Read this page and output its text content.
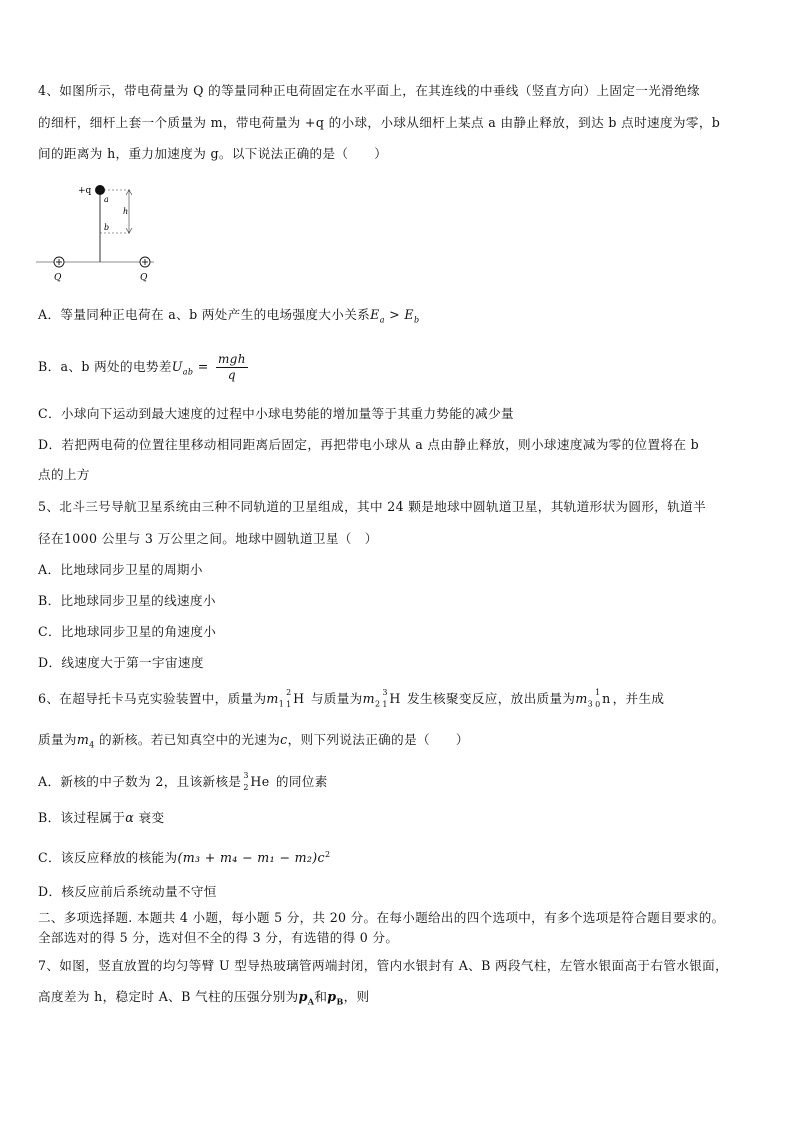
4、如图所示，带电荷量为 Q 的等量同种正电荷固定在水平面上，在其连线的中垂线（竖直方向）上固定一光滑绝缘
的细杆，细杆上套一个质量为 m，带电荷量为 +q 的小球，小球从细杆上某点 a 由静止释放，到达 b 点时速度为零，b
间的距离为 h，重力加速度为 g。以下说法正确的是（　　）
+q
a
b
h
Q	Q
A．等量同种正电荷在 a、b 两处产生的电场强度大小关系$E_a > E_b$
B．a、b 两处的电势差$U_{ab} = \frac{\text{mgh}}{q}$
C．小球向下运动到最大速度的过程中小球电势能的增加量等于其重力势能的减少量
D．若把两电荷的位置往里移动相同距离后固定，再把带电小球从 a 点由静止释放，则小球速度减为零的位置将在 b
点的上方
5、北斗三号导航卫星系统由三种不同轨道的卫星组成，其中 24 颗是地球中圆轨道卫星，其轨道形状为圆形，轨道半
径在1000 公里与 3 万公里之间。地球中圆轨道卫星（　）
A．比地球同步卫星的周期小
B．比地球同步卫星的线速度小
C．比地球同步卫星的角速度小
D．线速度大于第一宇宙速度
6、在超导托卡马克实验装置中，质量为$m_1$
2
1 H 与质量为$m_2$
3
1 H 发生核聚变反应，放出质量为$m_3$
1
0 n ，并生成
质量为$m_4$ 的新核。若已知真空中的光速为c，则下列说法正确的是（　　）
A．新核的中子数为 2，且该新核是 3
2 He 的同位素
B．该过程属于α 衰变
C．该反应释放的核能为$(m_3 + m_4 - m_1 - m_2)c^2$
D．核反应前后系统动量不守恒
二、多项选择题. 本题共 4 小题，每小题 5 分，共 20 分。在每小题给出的四个选项中，有多个选项是符合题目要求的。
全部选对的得 5 分，选对但不全的得 3 分，有选错的得 0 分。
7、如图，竖直放置的均匀等臂 U 型导热玻璃管两端封闭，管内水银封有 A、B 两段气柱，左管水银面高于右管水银面，
高度差为 h，稳定时 A、B 气柱的压强分别为$p_A$和$p_B$，则
